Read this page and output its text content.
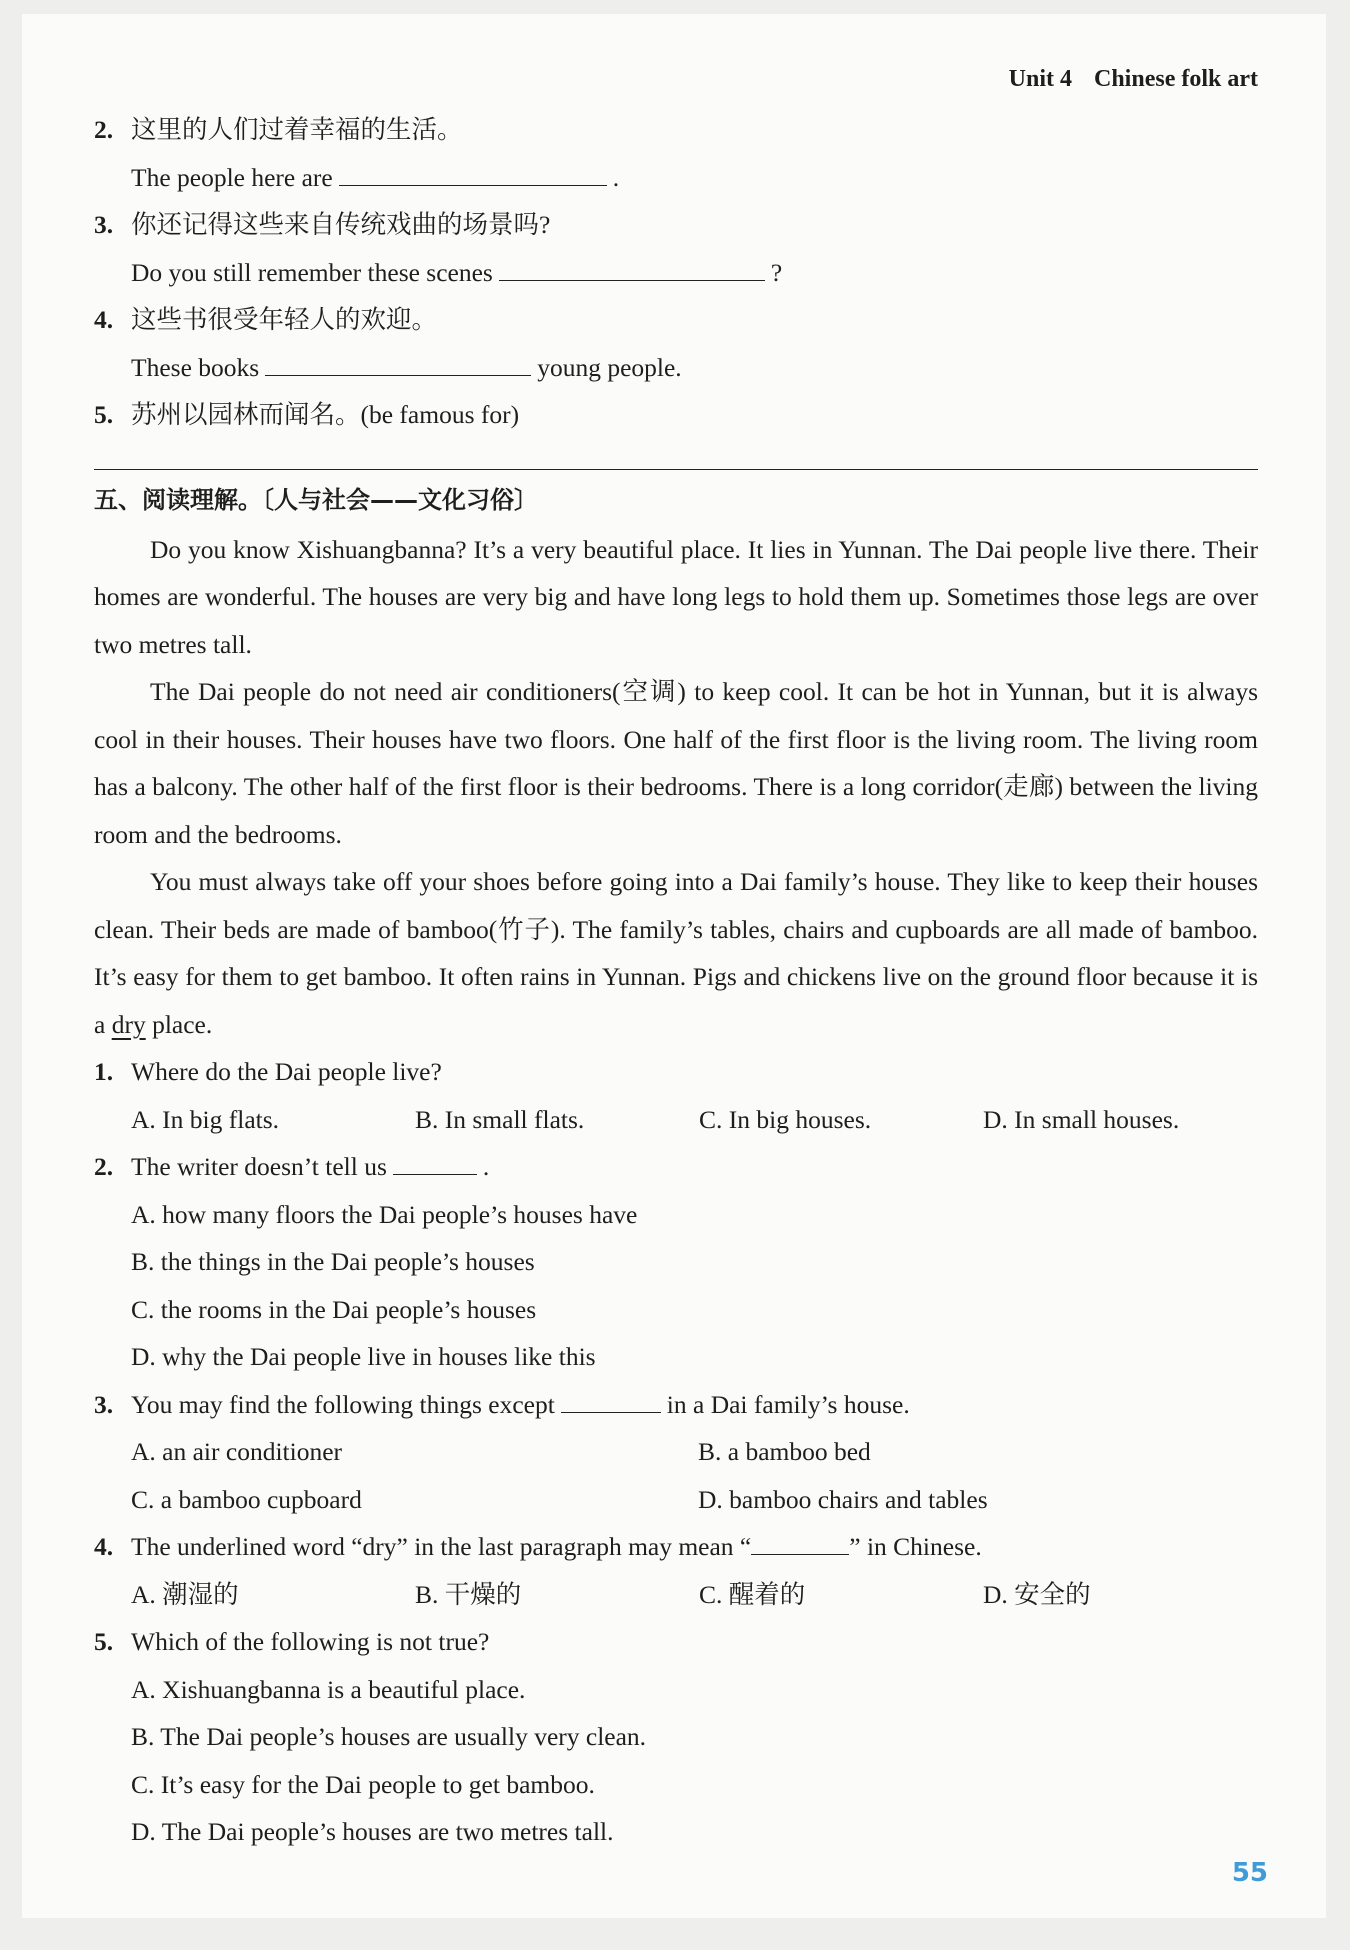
Unit 4 Chinese folk art
2. 这里的人们过着幸福的生活。
The people here are	.
3. 你还记得这些来自传统戏曲的场景吗?
Do you still remember these scenes	?
4. 这些书很受年轻人的欢迎。
These books	young people.
5. 苏州以园林而闻名。(be famous for)
五、阅读理解。〔人与社会——文化习俗〕
Do you know Xishuangbanna? It’s a very beautiful place. It lies in Yunnan. The Dai people live there. Their homes are wonderful. The houses are very big and have long legs to hold them up. Sometimes those legs are over two metres tall.
The Dai people do not need air conditioners(空调) to keep cool. It can be hot in Yunnan, but it is always cool in their houses. Their houses have two floors. One half of the first floor is the living room. The living room has a balcony. The other half of the first floor is their bedrooms. There is a long corridor(走廊) between the living room and the bedrooms.
You must always take off your shoes before going into a Dai family’s house. They like to keep their houses clean. Their beds are made of bamboo(竹子). The family’s tables, chairs and cupboards are all made of bamboo. It’s easy for them to get bamboo. It often rains in Yunnan. Pigs and chickens live on the ground floor because it is a dry place.
1. Where do the Dai people live?
A. In big flats.	B. In small flats.	C. In big houses.	D. In small houses.
2. The writer doesn’t tell us	.
A. how many floors the Dai people’s houses have
B. the things in the Dai people’s houses
C. the rooms in the Dai people’s houses
D. why the Dai people live in houses like this
3. You may find the following things except	in a Dai family’s house.
A. an air conditioner	B. a bamboo bed
C. a bamboo cupboard	D. bamboo chairs and tables
4. The underlined word “dry” in the last paragraph may mean “	” in Chinese.
A. 潮湿的	B. 干燥的	C. 醒着的	D. 安全的
5. Which of the following is not true?
A. Xishuangbanna is a beautiful place.
B. The Dai people’s houses are usually very clean.
C. It’s easy for the Dai people to get bamboo.
D. The Dai people’s houses are two metres tall.
55
